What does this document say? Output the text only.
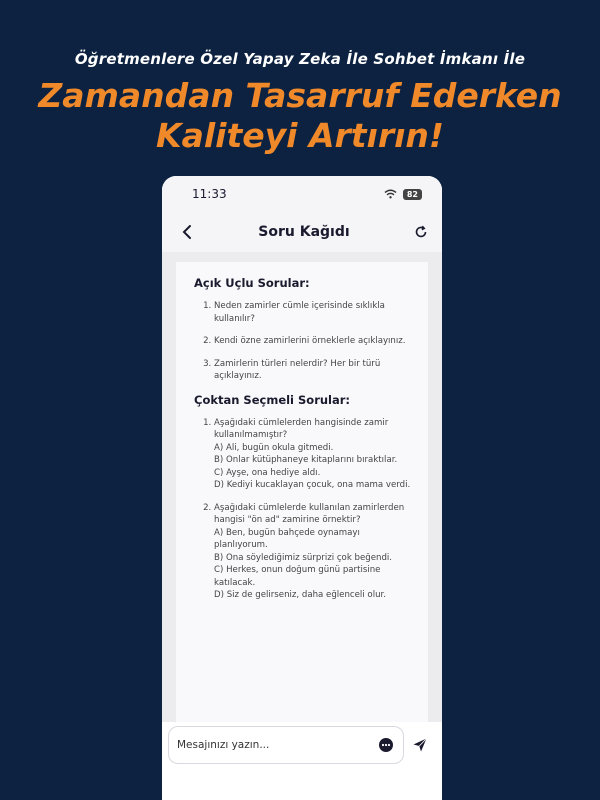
Öğretmenlere Özel Yapay Zeka İle Sohbet İmkanı İle
Zamandan Tasarruf Ederken
Kaliteyi Artırın!
11:33	82
Soru Kağıdı
Açık Uçlu Sorular:
1. Neden zamirler cümle içerisinde sıklıkla kullanılır?
2. Kendi özne zamirlerini örneklerle açıklayınız.
3. Zamirlerin türleri nelerdir? Her bir türü açıklayınız.
Çoktan Seçmeli Sorular:
1. Aşağıdaki cümlelerden hangisinde zamir kullanılmamıştır?
A) Ali, bugün okula gitmedi.
B) Onlar kütüphaneye kitaplarını bıraktılar.
C) Ayşe, ona hediye aldı.
D) Kediyi kucaklayan çocuk, ona mama verdi.
2. Aşağıdaki cümlelerde kullanılan zamirlerden hangisi "ön ad" zamirine örnektir?
A) Ben, bugün bahçede oynamayı planlıyorum.
B) Ona söylediğimiz sürprizi çok beğendi.
C) Herkes, onun doğum günü partisine katılacak.
D) Siz de gelirseniz, daha eğlenceli olur.
Mesajınızı yazın...
